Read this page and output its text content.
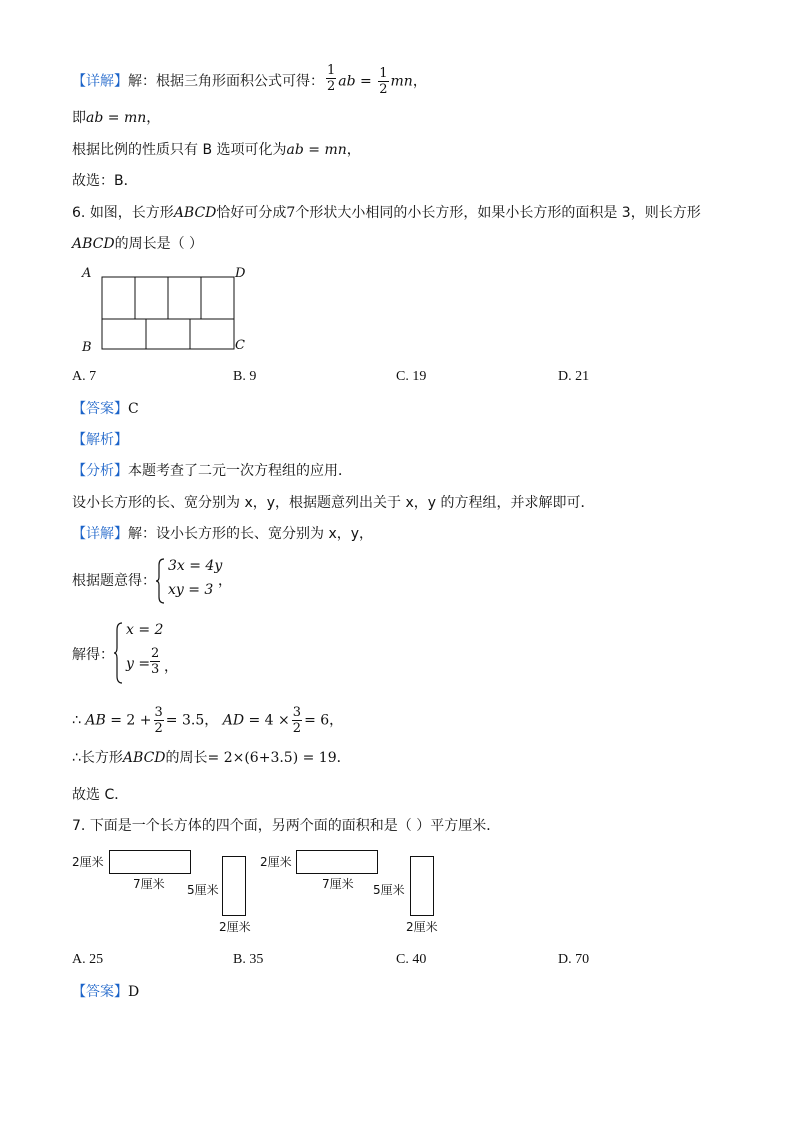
【详解】解：根据三角形面积公式可得： $\frac{1}{2}$ ab = $\frac{1}{2}$ mn，
即ab = mn，
根据比例的性质只有 B 选项可化为ab = mn，
故选：B．
6. 如图，长方形ABCD恰好可分成7个形状大小相同的小长方形，如果小长方形的面积是 3，则长方形
ABCD的周长是（ ）
A	D
B	C
A. 7	B. 9	C. 19	D. 21
【答案】C
【解析】
【分析】本题考查了二元一次方程组的应用．
设小长方形的长、宽分别为 x，y，根据题意列出关于 x，y 的方程组，并求解即可．
【详解】解：设小长方形的长、宽分别为 x，y，
根据题意得：
3x = 4y
xy = 3
，
解得：
x = 2
$y = \frac{2}{3}$ ，
∴ AB = $2 + \frac{3}{2} = 3.5$， AD = $4 \times \frac{3}{2} = 6$，
∴长方形ABCD的周长= 2×(6+3.5) = 19．
故选 C．
7. 下面是一个长方体的四个面，另两个面的面积和是（ ）平方厘米．
2厘米
7厘米 5厘米
2厘米
2厘米
7厘米 5厘米
2厘米
A. 25	B. 35	C. 40	D. 70
【答案】D
